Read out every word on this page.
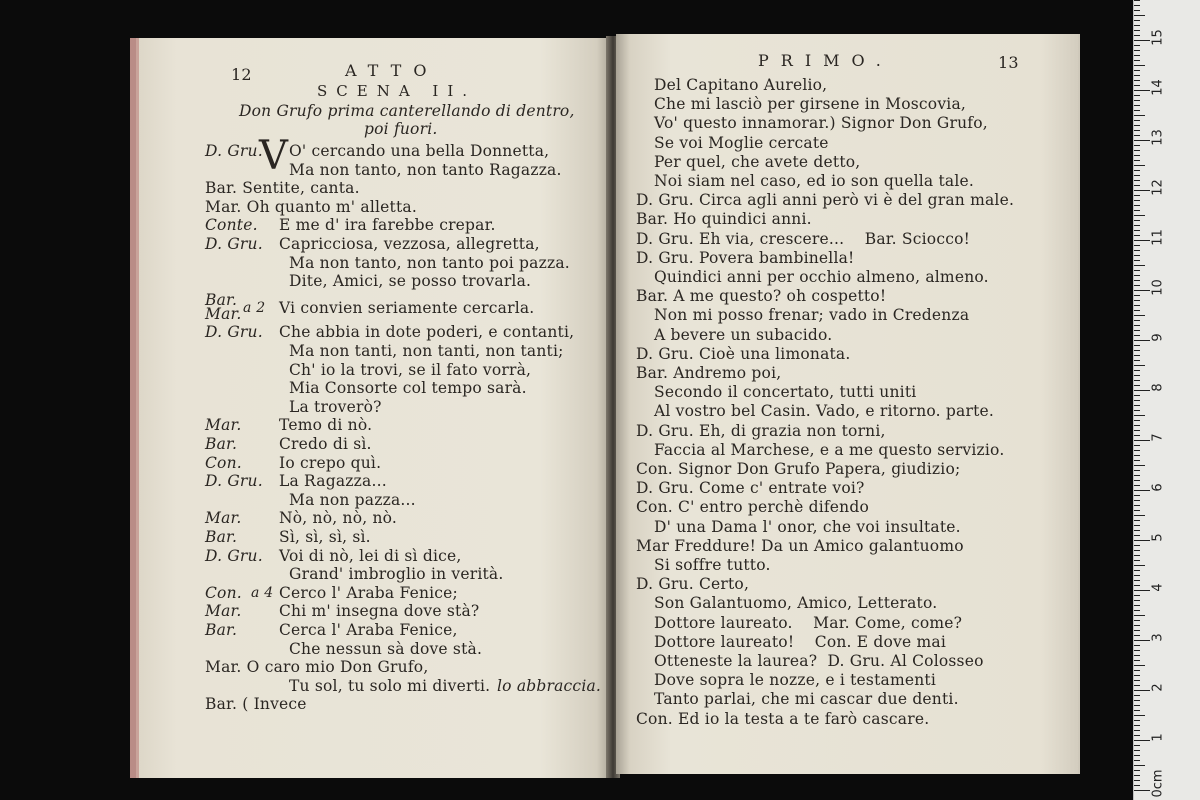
12	ATTO
SCENA II.
Don Grufo prima canterellando di dentro,
poi fuori.
D. Gru.
V O' cercando una bella Donnetta,
Ma non tanto, non tanto Ragazza.
Bar. Sentite, canta.
Mar. Oh quanto m' alletta.
Conte. E me d' ira farebbe crepar.
D. Gru. Capricciosa, vezzosa, allegretta,
Ma non tanto, non tanto poi pazza.
Dite, Amici, se posso trovarla.
Bar.
Mar. a 2 Vi convien seriamente cercarla.
D. Gru. Che abbia in dote poderi, e contanti,
Ma non tanti, non tanti, non tanti;
Ch' io la trovi, se il fato vorrà,
Mia Consorte col tempo sarà.
La troverò?
Mar. Temo di nò.
Bar.	Credo di sì.
Con. Io crepo quì.
D. Gru. La Ragazza...
Ma non pazza...
Mar. Nò, nò, nò, nò.
Bar.	Sì, sì, sì, sì.
D. Gru. Voi di nò, lei di sì dice,
Grand' imbroglio in verità.
Con. a 4 Cerco l' Araba Fenice;
Mar. Chi m' insegna dove stà?
Bar.	Cerca l' Araba Fenice,
Che nessun sà dove stà.
Mar. O caro mio Don Grufo,
Tu sol, tu solo mi diverti. lo abbraccia.
Bar. ( Invece
PRIMO.	13
Del Capitano Aurelio,
Che mi lasciò per girsene in Moscovia,
Vo' questo innamorar.) Signor Don Grufo,
Se voi Moglie cercate
Per quel, che avete detto,
Noi siam nel caso, ed io son quella tale.
D. Gru. Circa agli anni però vi è del gran male.
Bar. Ho quindici anni.
D. Gru. Eh via, crescere...    Bar. Sciocco!
D. Gru. Povera bambinella!
Quindici anni per occhio almeno, almeno.
Bar. A me questo? oh cospetto!
Non mi posso frenar; vado in Credenza
A bevere un subacido.
D. Gru. Cioè una limonata.
Bar. Andremo poi,
Secondo il concertato, tutti uniti
Al vostro bel Casin. Vado, e ritorno. parte.
D. Gru. Eh, di grazia non torni,
Faccia al Marchese, e a me questo servizio.
Con. Signor Don Grufo Papera, giudizio;
D. Gru. Come c' entrate voi?
Con. C' entro perchè difendo
D' una Dama l' onor, che voi insultate.
Mar Freddure! Da un Amico galantuomo
Si soffre tutto.
D. Gru. Certo,
Son Galantuomo, Amico, Letterato.
Dottore laureato.    Mar. Come, come?
Dottore laureato!    Con. E dove mai
Otteneste la laurea?  D. Gru. Al Colosseo
Dove sopra le nozze, e i testamenti
Tanto parlai, che mi cascar due denti.
Con. Ed io la testa a te farò cascare.
15
14
13
12
11
10
9
8
7
6
5
4
3
2
1
0cm
